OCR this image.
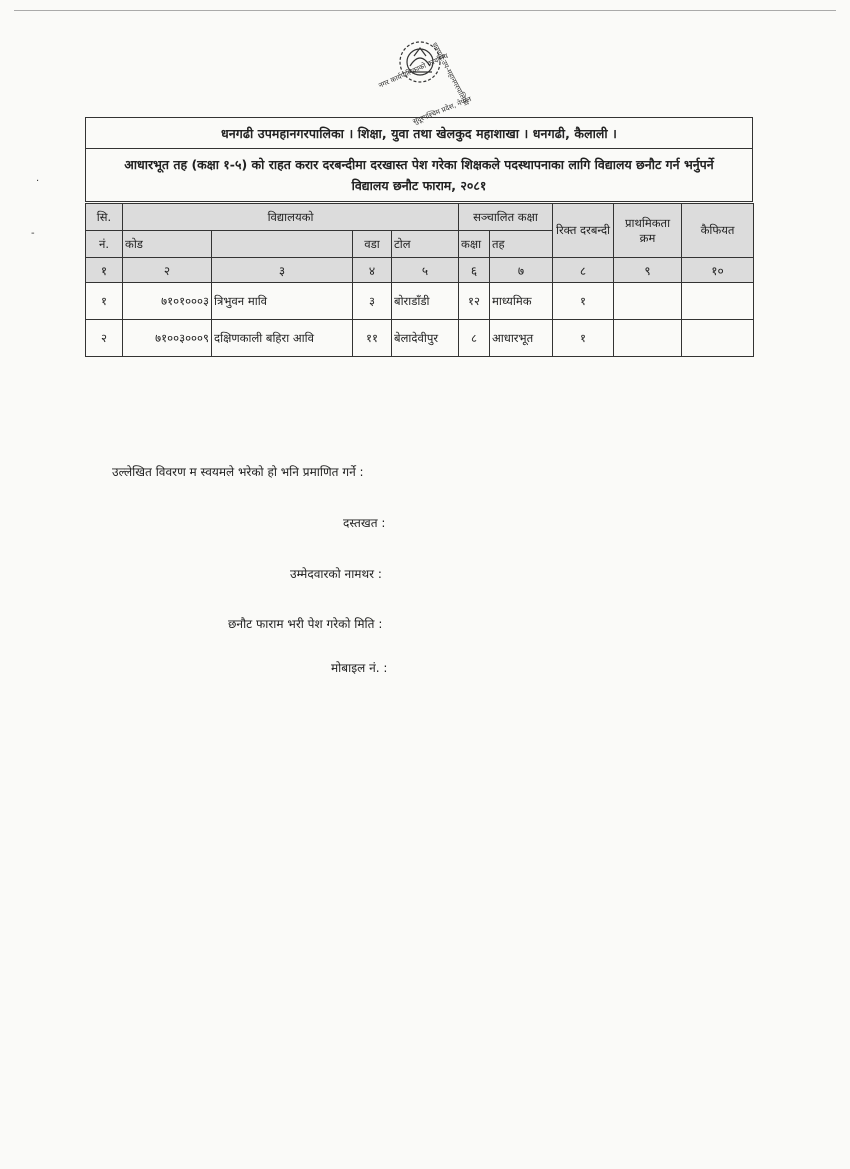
धनगढी उप-महानगरपालिका
नगर कार्यपालिकाको कार्यालय
सुदूरपश्चिम प्रदेश, नेपाल
धनगढी उपमहानगरपालिका । शिक्षा, युवा तथा खेलकुद महाशाखा । धनगढी, कैलाली ।

आधारभूत तह (कक्षा १-५) को राहत करार दरबन्दीमा दरखास्त पेश गरेका शिक्षकले पदस्थापनाका लागि विद्यालय छनौट गर्न भर्नुपर्ने
विद्यालय छनौट फाराम, २०८१
सि.	विद्यालयको				सञ्चालित कक्षा		रिक्त दरबन्दी	प्राथमिकता क्रम	कैफियत
नं.	कोड		वडा	टोल	कक्षा	तह			
१	२	३	४	५	६	७	८	९	१०
१	७१०१०००३	त्रिभुवन मावि	३	बोराडाँडी	१२	माध्यमिक	१		
२	७१००३०००९	दक्षिणकाली बहिरा आवि	११	बेलादेवीपुर	८	आधारभूत	१		
उल्लेखित विवरण म स्वयमले भरेको हो भनि प्रमाणित गर्ने :
दस्तखत :
उम्मेदवारको नामथर :
छनौट फाराम भरी पेश गरेको मिति :
मोबाइल नं. :
·
-
